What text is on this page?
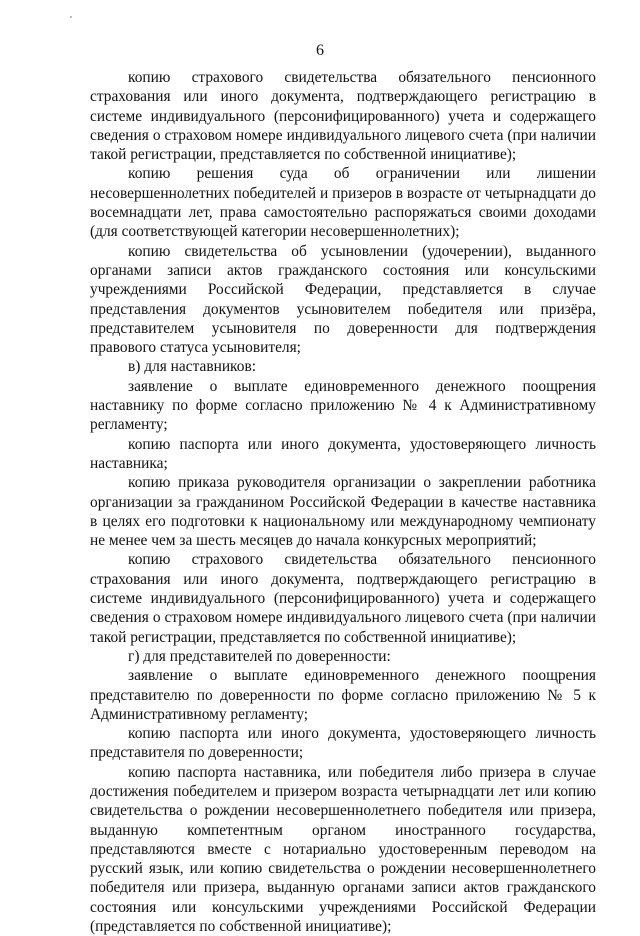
6

копию страхового свидетельства обязательного пенсионного страхования или иного документа, подтверждающего регистрацию в системе индивидуального (персонифицированного) учета и содержащего сведения о страховом номере индивидуального лицевого счета (при наличии такой регистрации, представляется по собственной инициативе);

копию решения суда об ограничении или лишении несовершеннолетних победителей и призеров в возрасте от четырнадцати до восемнадцати лет, права самостоятельно распоряжаться своими доходами (для соответствующей категории несовершеннолетних);

копию свидетельства об усыновлении (удочерении), выданного органами записи актов гражданского состояния или консульскими учреждениями Российской Федерации, представляется в случае представления документов усыновителем победителя или призёра, представителем усыновителя по доверенности для подтверждения правового статуса усыновителя;

в) для наставников:

заявление о выплате единовременного денежного поощрения наставнику по форме согласно приложению № 4 к Административному регламенту;

копию паспорта или иного документа, удостоверяющего личность наставника;

копию приказа руководителя организации о закреплении работника организации за гражданином Российской Федерации в качестве наставника в целях его подготовки к национальному или международному чемпионату не менее чем за шесть месяцев до начала конкурсных мероприятий;

копию страхового свидетельства обязательного пенсионного страхования или иного документа, подтверждающего регистрацию в системе индивидуального (персонифицированного) учета и содержащего сведения о страховом номере индивидуального лицевого счета (при наличии такой регистрации, представляется по собственной инициативе);

г) для представителей по доверенности:

заявление о выплате единовременного денежного поощрения представителю по доверенности по форме согласно приложению № 5 к Административному регламенту;

копию паспорта или иного документа, удостоверяющего личность представителя по доверенности;

копию паспорта наставника, или победителя либо призера в случае достижения победителем и призером возраста четырнадцати лет или копию свидетельства о рождении несовершеннолетнего победителя или призера, выданную компетентным органом иностранного государства, представляются вместе с нотариально удостоверенным переводом на русский язык, или копию свидетельства о рождении несовершеннолетнего победителя или призера, выданную органами записи актов гражданского состояния или консульскими учреждениями Российской Федерации (представляется по собственной инициативе);
